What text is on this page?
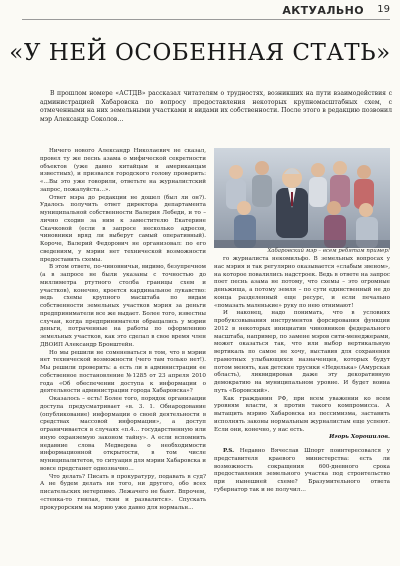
АКТУАЛЬНО 19
«У НЕЙ ОСОБЕННАЯ СТАТЬ»
В прошлом номере «АСТДВ» рассказал читателям о трудностях, возникших на пути взаимодействия с администрацией Хабаровска по вопросу предоставления некоторых крупномасштабных схем, с отмеченными на них земельными участками и видами их собственности. После этого в редакцию позвонил мэр Александр Соколов…

Ничего нового Александр Николаевич не сказал, провел ту же песнь азама о мифической секретности объектов (уже давно китайцам и американцам известных), и призвался городского голову проверить: «…Вы это уже говорили, ответьте на журналистский запрос, пожалуйста…».

Ответ мэра до редакции не дошел (был ли он?). Удалось получить ответ директора департамента муниципальной собственности Валерия Лебеди, и то – лично сходив за ним к заместителю Екатерине Скачковой (если в запросе несколько адресов, чиновники вряд ли выберут самый оперативный). Короче, Валерий Федорович не организовал: по его сведениям, у мэрии нет технической возможности предоставить схемы.

В этом ответе, по-чиновничьи, видимо, безупречном (а в запросе не были указаны с точностью до миллиметра ртутного столба границы схем и участков), конечно, кроется кардинальное лукавство: ведь схемы крупного масштаба по видам собственности земельных участков мэрия за деньги предприниматели все же выдает. Более того, известны случаи, когда предприниматели обращались у мэрии деньги, потраченные на работы по оформлению земельных участков, как это сделал в свое время член ДВОИП Александр Бронштейн.

Но мы решили не соменеваться в том, что в мэрии нет технической возможности (чего там только нет!). Мы решили проверить: а есть ли в администрации ее собственное постановление №1285 от 23 апреля 2010 года «Об обеспечении доступа к информации о деятельности администрации города Хабаровска»?

Оказалось – есть! Более того, порядок организации доступа предусматривает «в. 3. 1. Обнародование (опубликование) информации о своей деятельности в средствах массовой информации», а доступ ограничивается в случаях «п.4… государственную или иную охраняемую законом тайну». А если вспомнить недавние слова Медведева о необходимости информационной открытости, в том числе муниципалитетов, то ситуация для мэрии Хабаровска и вовсе предстанет однозначно…

Что делать? Писать в прокуратуру, подавать в суд? А не будем делать ни того, ни другого, обо всех писательских нетерпимо. Лежачего не бьют. Впрочем, «стенка-то гнилая, ткни и развалится». Спускать прокурорским на мэрию уже давно для нормальн...

Хабаровский мэр – всем ребятам пример!

го журналиста некомильфо. В земельных вопросах у нас мэрия и так регулярно оказывается «слабым звеном», на которое повалились надстроек. Ведь в ответе на запрос поет песнь азама не потому, что схемы – это огромные деньжища, а потому земля – по сути единственный не до конца разделенный еще ресурс, и если печально «помазать маленькие» руку по нею отнимают!

И наконец, надо понимать, что в условиях пробуксовывания инструментов форсирования функции 2012 в некоторых инициатив чиновников федерального масштаба, например, по замене мэров сити-менеджерами, может оказаться так, что или выбор вертикальную вертикаль по самое не хочу, выставив для сохранения грамотных улыбающихся назначенцев, которых будут потом менять, как детские трусики «Неделька» (Амурская область), ликвидировав даже эту декоративную демократию на муниципальном уровне. И будет воина путь «Боровский».

Как гражданин РФ, при всем уважении ко всем уровням власти, я против такого компромисса. А вытащить мэрию Хабаровска из пессимизма, заставить исполнять законы нормальным журналистам еще успеют. Если они, конечно, у нас есть.

Игорь Хорошилов.

P.S. Недавно Вячеслав Шпорт поинтересовался у представителя краевого министерства: есть ли возможность сокращения 600-дневного срока предоставления земельного участка под строительство при нынешней схеме? Бразумительного ответа губернатор так и не получил…
